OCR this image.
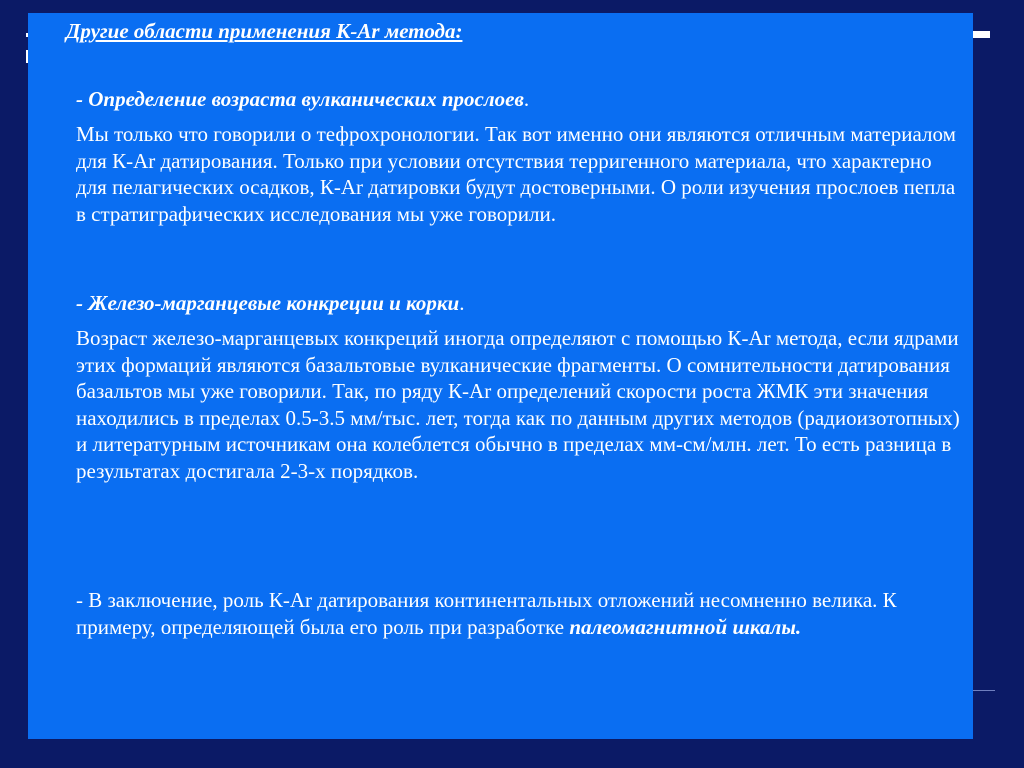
Другие области применения К-Ar метода:

- Определение возраста вулканических прослоев.

Мы только что говорили о тефрохронологии. Так вот именно они являются отличным материалом для К-Ar датирования. Только при условии отсутствия терригенного материала, что характерно для пелагических осадков, К-Ar датировки будут достоверными. О роли изучения прослоев пепла в стратиграфических исследования мы уже говорили.

- Железо-марганцевые конкреции и корки.

Возраст железо-марганцевых конкреций иногда определяют с помощью К-Ar метода, если ядрами этих формаций являются базальтовые вулканические фрагменты. О сомнительности датирования базальтов мы уже говорили. Так, по ряду К-Ar определений скорости роста ЖМК эти значения находились в пределах 0.5-3.5 мм/тыс. лет, тогда как по данным других методов (радиоизотопных) и литературным источникам она колеблется обычно в пределах мм-см/млн. лет. То есть разница в результатах достигала 2-3-х порядков.

- В заключение, роль К-Ar датирования континентальных отложений несомненно велика. К примеру, определяющей была его роль при разработке палеомагнитной шкалы.
